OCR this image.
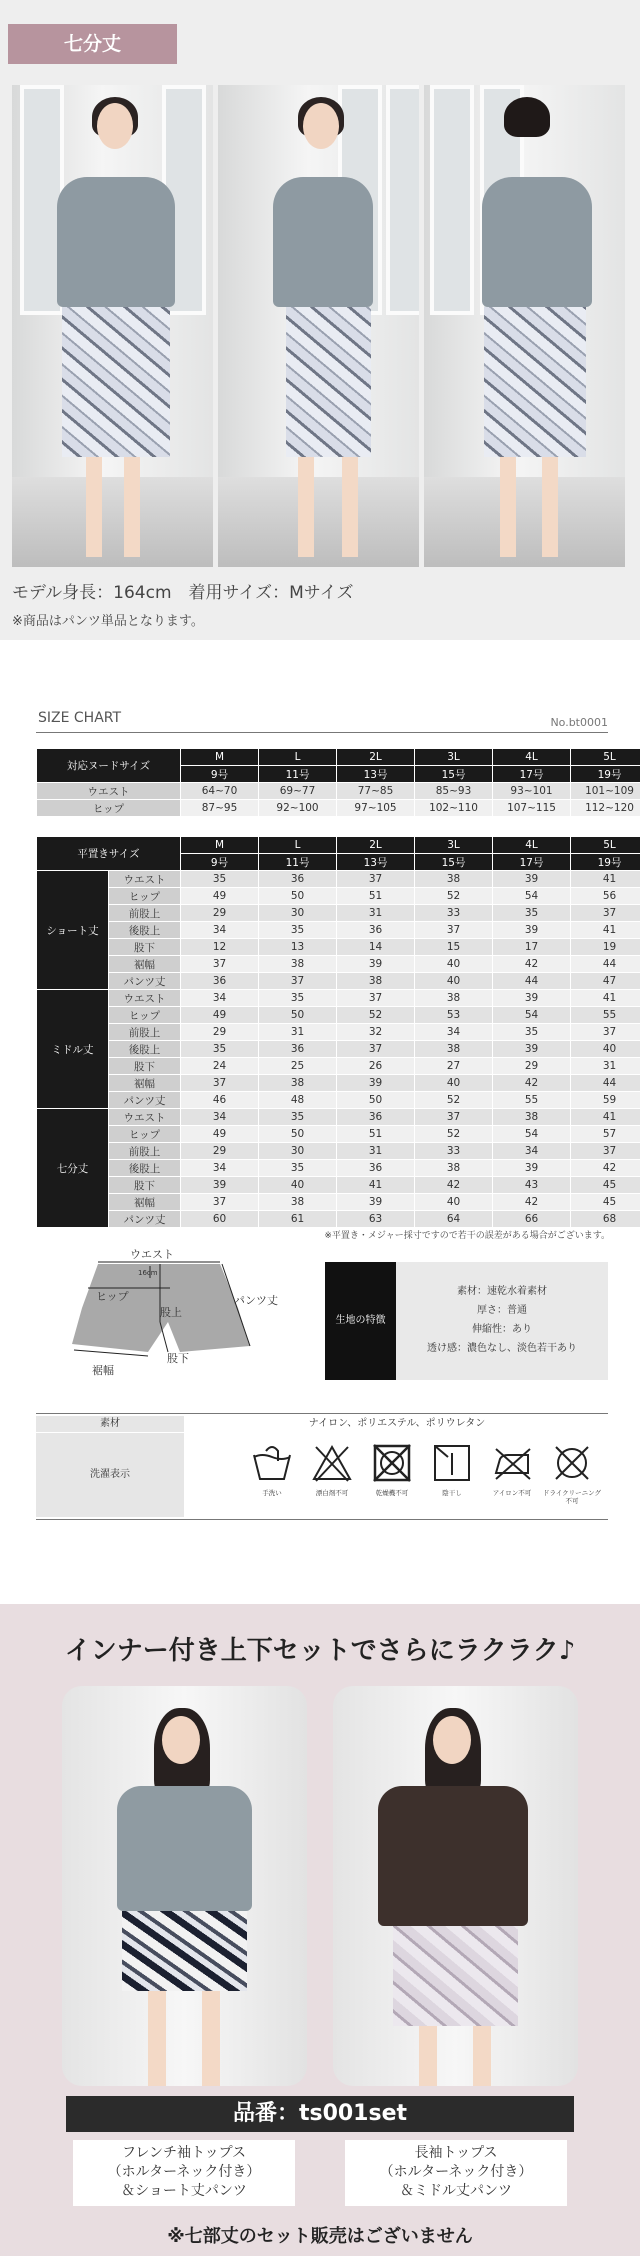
七分丈
モデル身長：164cm　着用サイズ：Mサイズ
※商品はパンツ単品となります。
SIZE CHART	No.bt0001
対応ヌードサイズ	M	L	2L	3L	4L	5L
	9号	11号	13号	15号	17号	19号
ウエスト	64~70	69~77	77~85	85~93	93~101	101~109
ヒップ	87~95	92~100	97~105	102~110	107~115	112~120
平置きサイズ		M	L	2L	3L	4L	5L
		9号	11号	13号	15号	17号	19号
ショート丈	ウエスト	35	36	37	38	39	41
	ヒップ	49	50	51	52	54	56
	前股上	29	30	31	33	35	37
	後股上	34	35	36	37	39	41
	股下	12	13	14	15	17	19
	裾幅	37	38	39	40	42	44
	パンツ丈	36	37	38	40	44	47
ミドル丈	ウエスト	34	35	37	38	39	41
	ヒップ	49	50	52	53	54	55
	前股上	29	31	32	34	35	37
	後股上	35	36	37	38	39	40
	股下	24	25	26	27	29	31
	裾幅	37	38	39	40	42	44
	パンツ丈	46	48	50	52	55	59
七分丈	ウエスト	34	35	36	37	38	41
	ヒップ	49	50	51	52	54	57
	前股上	29	30	31	33	34	37
	後股上	34	35	36	38	39	42
	股下	39	40	41	42	43	45
	裾幅	37	38	39	40	42	45
	パンツ丈	60	61	63	64	66	68
※平置き・メジャー採寸ですので若干の誤差がある場合がございます。
ウエスト
ヒップ
股上
パンツ丈
股下
裾幅
16cm
生地の特徴
素材：速乾水着素材
厚さ：普通
伸縮性：あり
透け感：濃色なし、淡色若干あり
素材	ナイロン、ポリエステル、ポリウレタン
洗濯表示
手洗い	漂白剤不可	乾燥機不可	陰干し	アイロン不可	ドライクリーニング不可
インナー付き上下セットでさらにラクラク♪
品番：ts001set
フレンチ袖トップス
（ホルターネック付き）
＆ショート丈パンツ
長袖トップス
（ホルターネック付き）
＆ミドル丈パンツ
※七部丈のセット販売はございません
